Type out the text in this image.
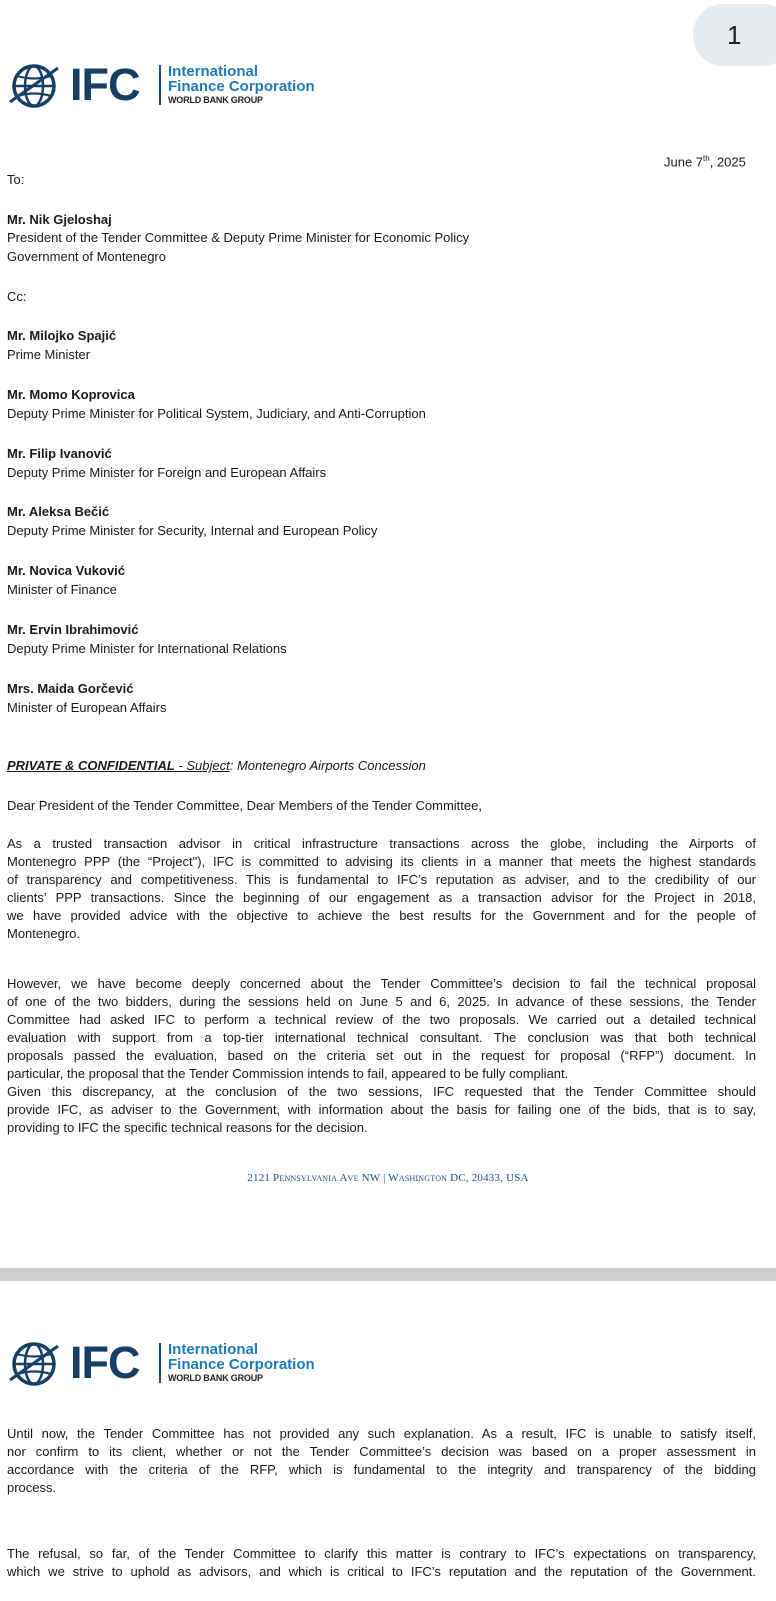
1
IFC International
Finance Corporation
WORLD BANK GROUP
June 7th, 2025
To:
Mr. Nik Gjeloshaj
President of the Tender Committee & Deputy Prime Minister for Economic Policy
Government of Montenegro
Cc:
Mr. Milojko Spajić
Prime Minister
Mr. Momo Koprovica
Deputy Prime Minister for Political System, Judiciary, and Anti-Corruption
Mr. Filip Ivanović
Deputy Prime Minister for Foreign and European Affairs
Mr. Aleksa Bečić
Deputy Prime Minister for Security, Internal and European Policy
Mr. Novica Vuković
Minister of Finance
Mr. Ervin Ibrahimović
Deputy Prime Minister for International Relations
Mrs. Maida Gorčević
Minister of European Affairs
PRIVATE & CONFIDENTIAL - Subject: Montenegro Airports Concession
Dear President of the Tender Committee, Dear Members of the Tender Committee,
As a trusted transaction advisor in critical infrastructure transactions across the globe, including the Airports of
Montenegro PPP (the “Project"), IFC is committed to advising its clients in a manner that meets the highest standards
of transparency and competitiveness. This is fundamental to IFC’s reputation as adviser, and to the credibility of our
clients’ PPP transactions. Since the beginning of our engagement as a transaction advisor for the Project in 2018,
we have provided advice with the objective to achieve the best results for the Government and for the people of
Montenegro.
However, we have become deeply concerned about the Tender Committee’s decision to fail the technical proposal
of one of the two bidders, during the sessions held on June 5 and 6, 2025. In advance of these sessions, the Tender
Committee had asked IFC to perform a technical review of the two proposals. We carried out a detailed technical
evaluation with support from a top-tier international technical consultant. The conclusion was that both technical
proposals passed the evaluation, based on the criteria set out in the request for proposal (“RFP”) document. In
particular, the proposal that the Tender Commission intends to fail, appeared to be fully compliant.
Given this discrepancy, at the conclusion of the two sessions, IFC requested that the Tender Committee should
provide IFC, as adviser to the Government, with information about the basis for failing one of the bids, that is to say,
providing to IFC the specific technical reasons for the decision.
2121 Pennsylvania Ave NW | Washington DC, 20433, USA
IFC International
Finance Corporation
WORLD BANK GROUP
Until now, the Tender Committee has not provided any such explanation. As a result, IFC is unable to satisfy itself,
nor confirm to its client, whether or not the Tender Committee’s decision was based on a proper assessment in
accordance with the criteria of the RFP, which is fundamental to the integrity and transparency of the bidding
process.
The refusal, so far, of the Tender Committee to clarify this matter is contrary to IFC’s expectations on transparency,
which we strive to uphold as advisors, and which is critical to IFC’s reputation and the reputation of the Government.
